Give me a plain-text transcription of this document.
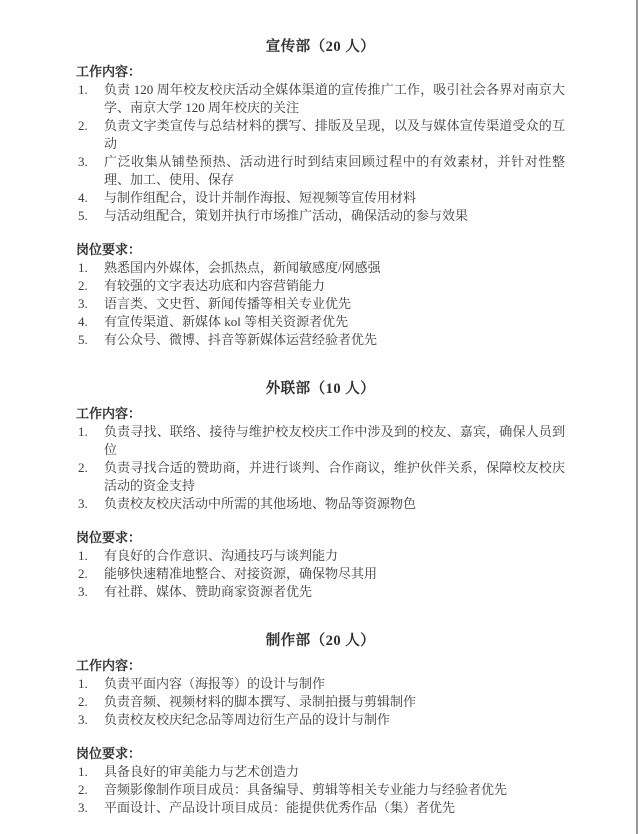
宣传部（20 人）
工作内容：
1.	负责 120 周年校友校庆活动全媒体渠道的宣传推广工作，吸引社会各界对南京大学、南京大学 120 周年校庆的关注
2.	负责文字类宣传与总结材料的撰写、排版及呈现，以及与媒体宣传渠道受众的互动
3.	广泛收集从铺垫预热、活动进行时到结束回顾过程中的有效素材，并针对性整理、加工、使用、保存
4.	与制作组配合，设计并制作海报、短视频等宣传用材料
5.	与活动组配合，策划并执行市场推广活动，确保活动的参与效果
岗位要求：
1.	熟悉国内外媒体，会抓热点，新闻敏感度/网感强
2.	有较强的文字表达功底和内容营销能力
3.	语言类、文史哲、新闻传播等相关专业优先
4.	有宣传渠道、新媒体 kol 等相关资源者优先
5.	有公众号、微博、抖音等新媒体运营经验者优先
外联部（10 人）
工作内容：
1.	负责寻找、联络、接待与维护校友校庆工作中涉及到的校友、嘉宾，确保人员到位
2.	负责寻找合适的赞助商，并进行谈判、合作商议，维护伙伴关系，保障校友校庆活动的资金支持
3.	负责校友校庆活动中所需的其他场地、物品等资源物色
岗位要求：
1.	有良好的合作意识、沟通技巧与谈判能力
2.	能够快速精准地整合、对接资源，确保物尽其用
3.	有社群、媒体、赞助商家资源者优先
制作部（20 人）
工作内容：
1.	负责平面内容（海报等）的设计与制作
2.	负责音频、视频材料的脚本撰写、录制拍摄与剪辑制作
3.	负责校友校庆纪念品等周边衍生产品的设计与制作
岗位要求：
1.	具备良好的审美能力与艺术创造力
2.	音频影像制作项目成员：具备编导、剪辑等相关专业能力与经验者优先
3.	平面设计、产品设计项目成员：能提供优秀作品（集）者优先
